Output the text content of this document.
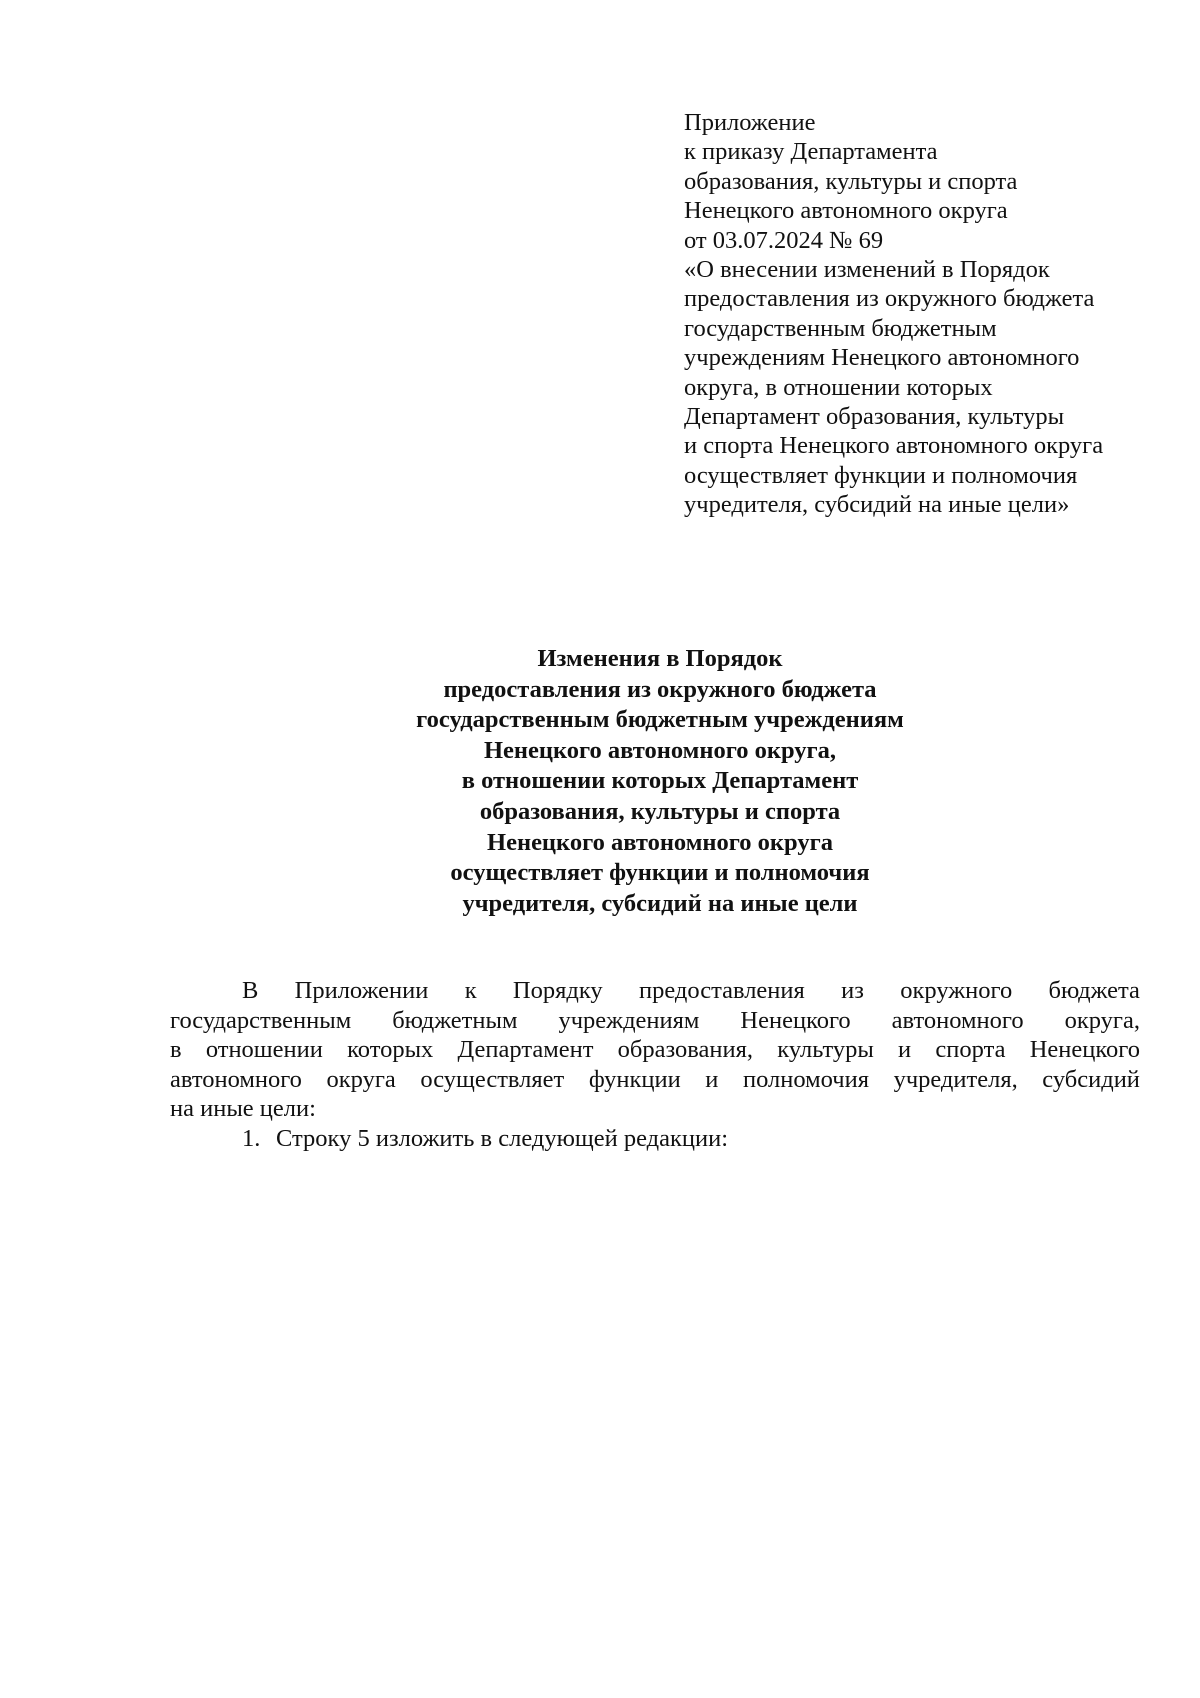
Приложение
к приказу Департамента
образования, культуры и спорта
Ненецкого автономного округа
от 03.07.2024 № 69
«О внесении изменений в Порядок
предоставления из окружного бюджета
государственным бюджетным
учреждениям Ненецкого автономного
округа, в отношении которых
Департамент образования, культуры
и спорта Ненецкого автономного округа
осуществляет функции и полномочия
учредителя, субсидий на иные цели»
Изменения в Порядок
предоставления из окружного бюджета
государственным бюджетным учреждениям
Ненецкого автономного округа,
в отношении которых Департамент
образования, культуры и спорта
Ненецкого автономного округа
осуществляет функции и полномочия
учредителя, субсидий на иные цели
В Приложении к Порядку предоставления из окружного бюджета
государственным бюджетным учреждениям Ненецкого автономного округа,
в отношении которых Департамент образования, культуры и спорта Ненецкого
автономного округа осуществляет функции и полномочия учредителя, субсидий
на иные цели:
1. Строку 5 изложить в следующей редакции:
